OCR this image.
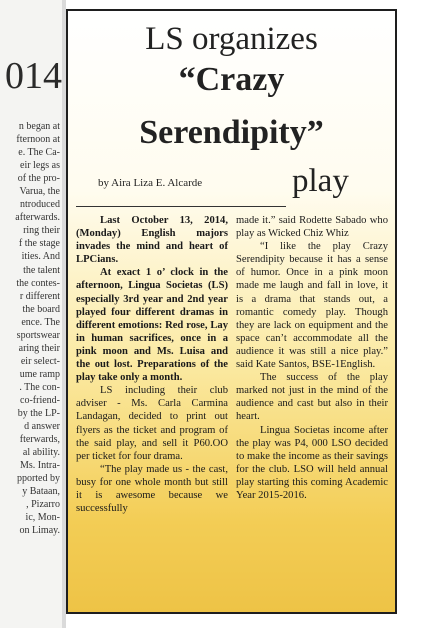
014
n began at
fternoon at
e. The Ca-
eir legs as
of the pro-
Varua, the
ntroduced
afterwards.
ring their
f the stage
ities. And
the talent
the contes-
r different
the board
ence. The
sportswear
aring their
eir select-
ume ramp
. The con-
co-friend-
by the LP-
d answer
fterwards,
al ability.
Ms. Intra-
pported by
y Bataan,
, Pizarro
ic, Mon-
on Limay.
LS organizes
“Crazy
Serendipity”
play
by Aira Liza E. Alcarde

Last October 13, 2014, (Monday) English majors invades the mind and heart of LPCians.

At exact 1 o’ clock in the afternoon, Lingua Societas (LS) especially 3rd year and 2nd year played four different dramas in different emotions: Red rose, Lay in human sacrifices, once in a pink moon and Ms. Luisa and the out lost. Preparations of the play take only a month.

LS including their club adviser - Ms. Carla Carmina Landagan, decided to print out flyers as the ticket and program of the said play, and sell it P60.OO per ticket for four drama.

“The play made us - the cast, busy for one whole month but still it is awesome because we successfully

made it.” said Rodette Sabado who play as Wicked Chiz Whiz

“I like the play Crazy Serendipity because it has a sense of humor. Once in a pink moon made me laugh and fall in love, it is a drama that stands out, a romantic comedy play. Though they are lack on equipment and the space can’t accommodate all the audience it was still a nice play.” said Kate Santos, BSE-1English.

The success of the play marked not just in the mind of the audience and cast but also in their heart.

Lingua Societas income after the play was P4, 000 LSO decided to make the income as their savings for the club. LSO will held annual play starting this coming Academic Year 2015-2016.
